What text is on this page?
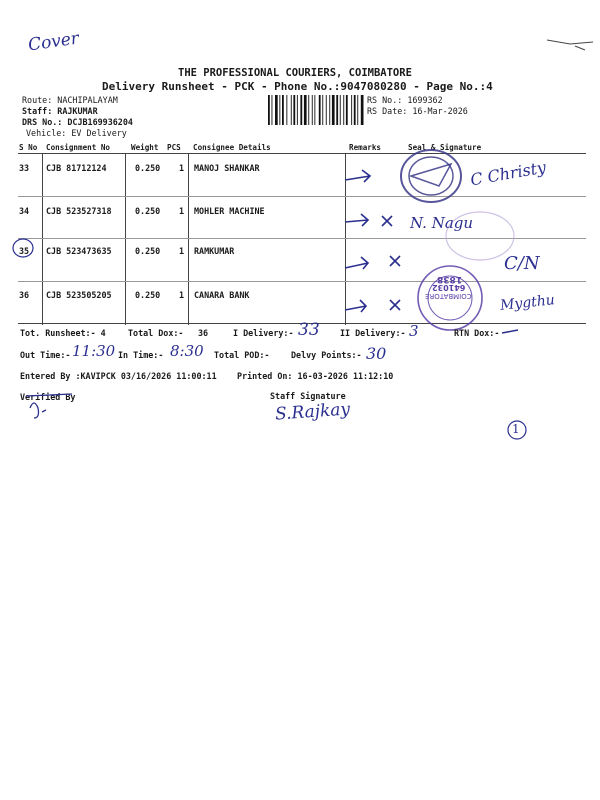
Cover
THE PROFESSIONAL COURIERS, COIMBATORE
Delivery Runsheet - PCK - Phone No.:9047080280 - Page No.:4
Route: NACHIPALAYAM
Staff: RAJKUMAR
DRS No.: DCJB169936204
Vehicle: EV Delivery
RS No.: 1699362
RS Date: 16-Mar-2026
S No Consignment No	Weight PCS Consignee Details	Remarks	Seal & Signature
33 CJB 81712124	0.250 1 MANOJ SHANKAR
34 CJB 523527318	0.250 1 MOHLER MACHINE
35 CJB 523473635	0.250 1 RAMKUMAR
36 CJB 523505205	0.250 1 CANARA BANK	COIMBATORE
641032
1838
C Christy
N. Nagu
C/N
Mygthu
Tot. Runsheet:- 4	Total Dox:- 36	I Delivery:- 33 II Delivery:- 3	RTN Dox:-
Out Time:- 11:30 In Time:- 8:30 Total POD:-	Delvy Points:- 30
Entered By :KAVIPCK 03/16/2026 11:00:11 Printed On: 16-03-2026 11:12:10
Verified By	Staff Signature
S.Rajkay
1
